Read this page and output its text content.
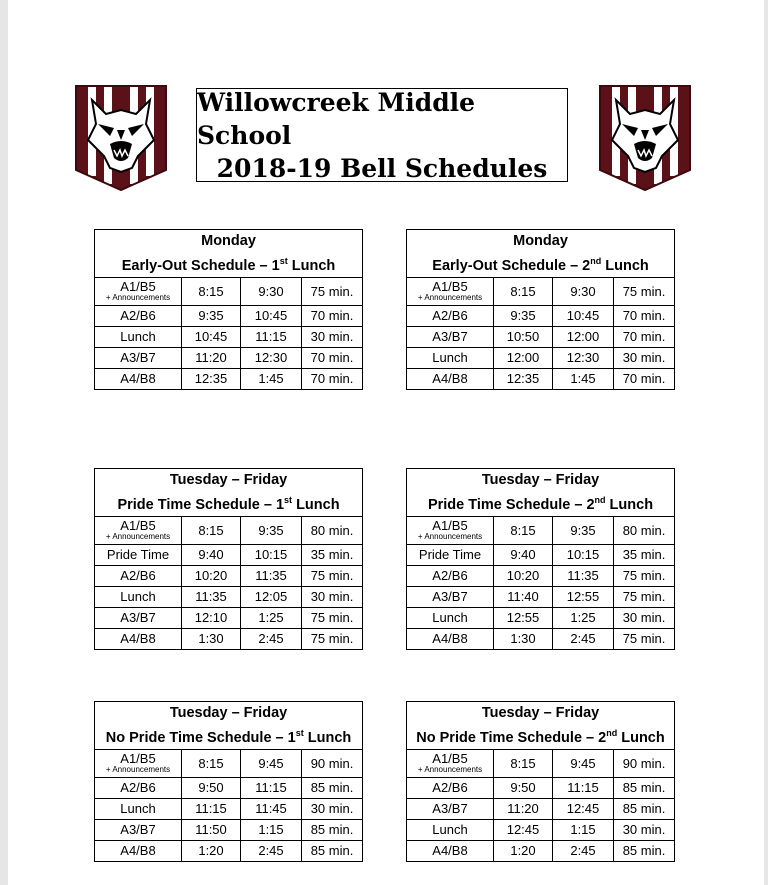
Willowcreek Middle School
2018-19 Bell Schedules
Monday
Early-Out Schedule – 1st Lunch			

A1/B5
+ Announcements	8:15	9:30	75 min.
A2/B6	9:35	10:45	70 min.
Lunch	10:45	11:15	30 min.
A3/B7	11:20	12:30	70 min.
A4/B8	12:35	1:45	70 min.
Monday
Early-Out Schedule – 2nd Lunch			

A1/B5
+ Announcements	8:15	9:30	75 min.
A2/B6	9:35	10:45	70 min.
A3/B7	10:50	12:00	70 min.
Lunch	12:00	12:30	30 min.
A4/B8	12:35	1:45	70 min.
Tuesday – Friday
Pride Time Schedule – 1st Lunch			

A1/B5
+ Announcements	8:15	9:35	80 min.
Pride Time	9:40	10:15	35 min.
A2/B6	10:20	11:35	75 min.
Lunch	11:35	12:05	30 min.
A3/B7	12:10	1:25	75 min.
A4/B8	1:30	2:45	75 min.
Tuesday – Friday
Pride Time Schedule – 2nd Lunch			

A1/B5
+ Announcements	8:15	9:35	80 min.
Pride Time	9:40	10:15	35 min.
A2/B6	10:20	11:35	75 min.
A3/B7	11:40	12:55	75 min.
Lunch	12:55	1:25	30 min.
A4/B8	1:30	2:45	75 min.
Tuesday – Friday
No Pride Time Schedule – 1st Lunch			

A1/B5
+ Announcements	8:15	9:45	90 min.
A2/B6	9:50	11:15	85 min.
Lunch	11:15	11:45	30 min.
A3/B7	11:50	1:15	85 min.
A4/B8	1:20	2:45	85 min.
Tuesday – Friday
No Pride Time Schedule – 2nd Lunch			

A1/B5
+ Announcements	8:15	9:45	90 min.
A2/B6	9:50	11:15	85 min.
A3/B7	11:20	12:45	85 min.
Lunch	12:45	1:15	30 min.
A4/B8	1:20	2:45	85 min.
